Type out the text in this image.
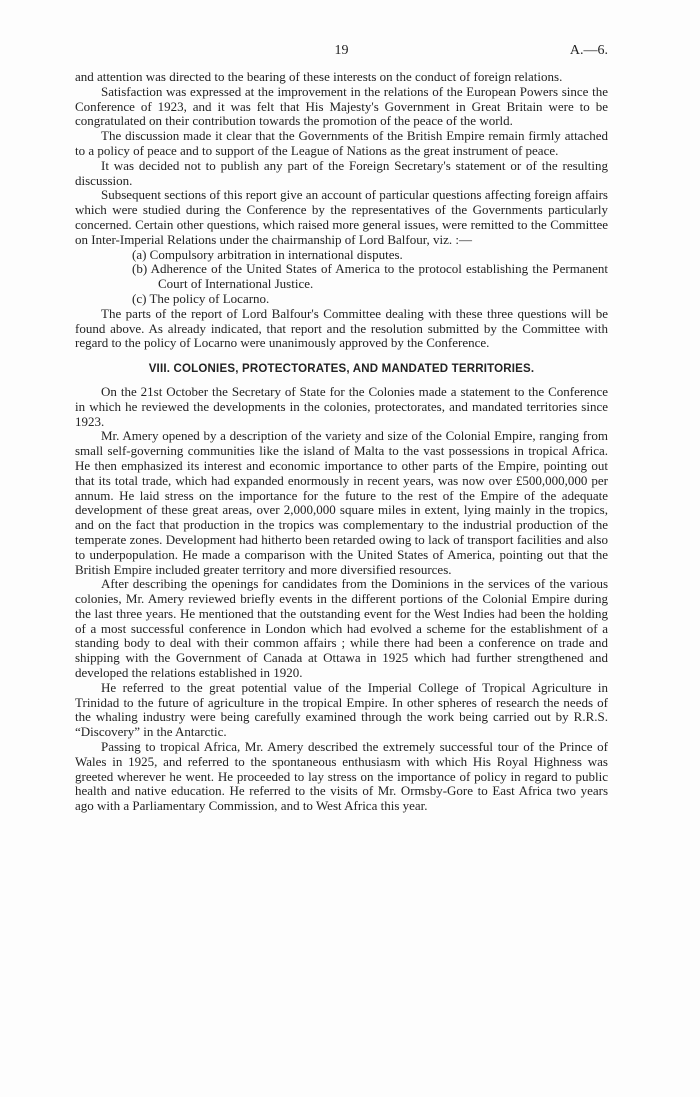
19	A.—6.

and attention was directed to the bearing of these interests on the conduct of foreign relations.

Satisfaction was expressed at the improvement in the relations of the European Powers since the Conference of 1923, and it was felt that His Majesty's Government in Great Britain were to be congratulated on their contribution towards the promotion of the peace of the world.

The discussion made it clear that the Governments of the British Empire remain firmly attached to a policy of peace and to support of the League of Nations as the great instrument of peace.

It was decided not to publish any part of the Foreign Secretary's statement or of the resulting discussion.

Subsequent sections of this report give an account of particular questions affecting foreign affairs which were studied during the Conference by the representatives of the Governments particularly concerned. Certain other questions, which raised more general issues, were remitted to the Committee on Inter-Imperial Relations under the chairmanship of Lord Balfour, viz. :—

(a) Compulsory arbitration in international disputes.

(b) Adherence of the United States of America to the protocol establishing the Permanent Court of International Justice.

(c) The policy of Locarno.

The parts of the report of Lord Balfour's Committee dealing with these three questions will be found above. As already indicated, that report and the resolution submitted by the Committee with regard to the policy of Locarno were unanimously approved by the Conference.

VIII. COLONIES, PROTECTORATES, AND MANDATED TERRITORIES.

On the 21st October the Secretary of State for the Colonies made a statement to the Conference in which he reviewed the developments in the colonies, protectorates, and mandated territories since 1923.

Mr. Amery opened by a description of the variety and size of the Colonial Empire, ranging from small self-governing communities like the island of Malta to the vast possessions in tropical Africa. He then emphasized its interest and economic importance to other parts of the Empire, pointing out that its total trade, which had expanded enormously in recent years, was now over £500,000,000 per annum. He laid stress on the importance for the future to the rest of the Empire of the adequate development of these great areas, over 2,000,000 square miles in extent, lying mainly in the tropics, and on the fact that production in the tropics was complementary to the industrial production of the temperate zones. Development had hitherto been retarded owing to lack of transport facilities and also to underpopulation. He made a comparison with the United States of America, pointing out that the British Empire included greater territory and more diversified resources.

After describing the openings for candidates from the Dominions in the services of the various colonies, Mr. Amery reviewed briefly events in the different portions of the Colonial Empire during the last three years. He mentioned that the outstanding event for the West Indies had been the holding of a most successful conference in London which had evolved a scheme for the establishment of a standing body to deal with their common affairs ; while there had been a conference on trade and shipping with the Government of Canada at Ottawa in 1925 which had further strengthened and developed the relations established in 1920.

He referred to the great potential value of the Imperial College of Tropical Agriculture in Trinidad to the future of agriculture in the tropical Empire. In other spheres of research the needs of the whaling industry were being carefully examined through the work being carried out by R.R.S. “Discovery” in the Antarctic.

Passing to tropical Africa, Mr. Amery described the extremely successful tour of the Prince of Wales in 1925, and referred to the spontaneous enthusiasm with which His Royal Highness was greeted wherever he went. He proceeded to lay stress on the importance of policy in regard to public health and native education. He referred to the visits of Mr. Ormsby-Gore to East Africa two years ago with a Parliamentary Commission, and to West Africa this year.
